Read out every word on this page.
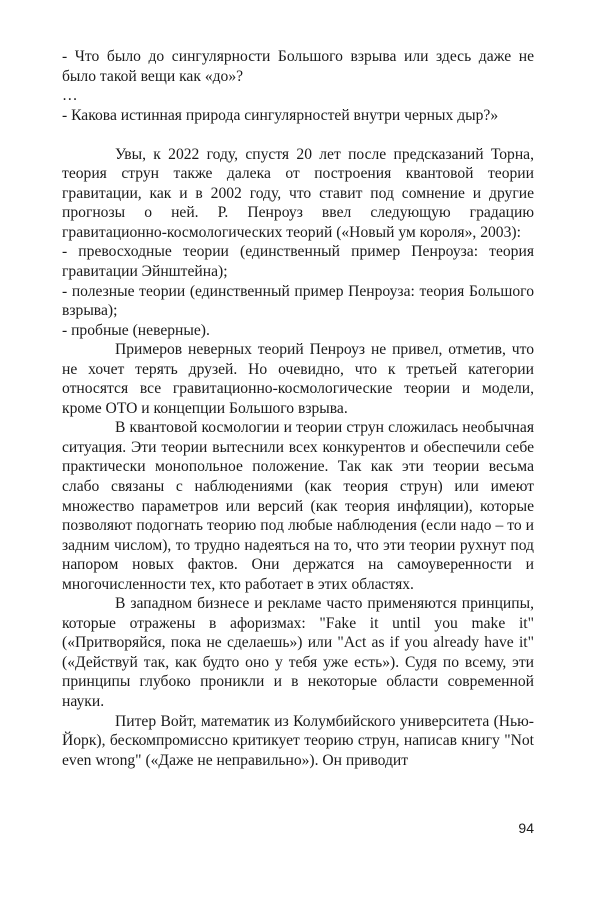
- Что было до сингулярности Большого взрыва или здесь даже не было такой вещи как «до»?

…

- Какова истинная природа сингулярностей внутри черных дыр?»

Увы, к 2022 году, спустя 20 лет после предсказаний Торна, теория струн также далека от построения квантовой теории гравитации, как и в 2002 году, что ставит под сомнение и другие прогнозы о ней. Р. Пенроуз ввел следующую градацию гравитационно-космологических теорий («Новый ум короля», 2003):

- превосходные теории (единственный пример Пенроуза: теория гравитации Эйнштейна);

- полезные теории (единственный пример Пенроуза: теория Большого взрыва);

- пробные (неверные).

Примеров неверных теорий Пенроуз не привел, отметив, что не хочет терять друзей. Но очевидно, что к третьей категории относятся все гравитационно-космологические теории и модели, кроме ОТО и концепции Большого взрыва.

В квантовой космологии и теории струн сложилась необычная ситуация. Эти теории вытеснили всех конкурентов и обеспечили себе практически монопольное положение. Так как эти теории весьма слабо связаны с наблюдениями (как теория струн) или имеют множество параметров или версий (как теория инфляции), которые позволяют подогнать теорию под любые наблюдения (если надо – то и задним числом), то трудно надеяться на то, что эти теории рухнут под напором новых фактов. Они держатся на самоуверенности и многочисленности тех, кто работает в этих областях.

В западном бизнесе и рекламе часто применяются принципы, которые отражены в афоризмах: "Fake it until you make it" («Притворяйся, пока не сделаешь») или "Act as if you already have it" («Действуй так, как будто оно у тебя уже есть»). Судя по всему, эти принципы глубоко проникли и в некоторые области современной науки.

Питер Войт, математик из Колумбийского университета (Нью-Йорк), бескомпромиссно критикует теорию струн, написав книгу "Not even wrong" («Даже не неправильно»). Он приводит

94
